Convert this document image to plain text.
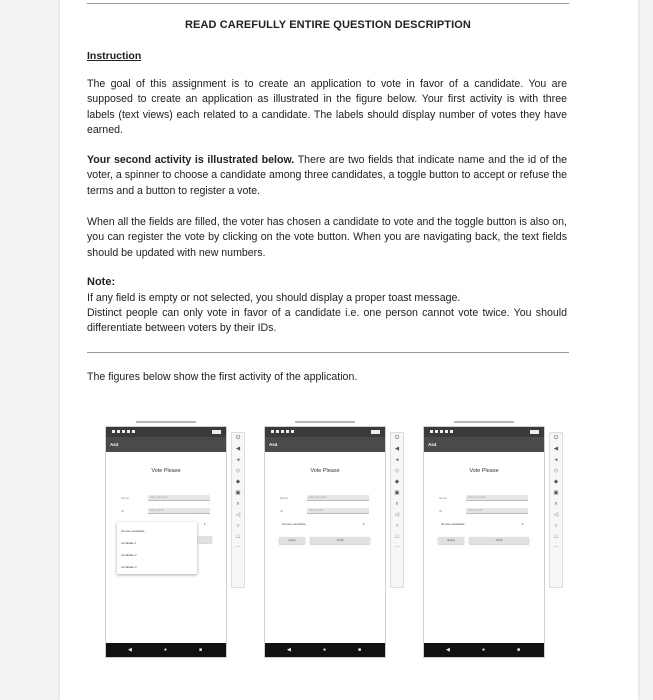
READ CAREFULLY ENTIRE QUESTION DESCRIPTION
Instruction

The goal of this assignment is to create an application to vote in favor of a candidate. You are supposed to create an application as illustrated in the figure below. Your first activity is with three labels (text views) each related to a candidate. The labels should display number of votes they have earned.

Your second activity is illustrated below. There are two fields that indicate name and the id of the voter, a spinner to choose a candidate among three candidates, a toggle button to accept or refuse the terms and a button to register a vote.

When all the fields are filled, the voter has chosen a candidate to vote and the toggle button is also on, you can register the vote by clicking on the vote button. When you are navigating back, the text fields should be updated with new numbers.

Note:

If any field is empty or not selected, you should display a proper toast message.

Distinct people can only vote in favor of a candidate i.e. one person cannot vote twice. You should differentiate between voters by their IDs.

The figures below show the first activity of the application.

As4
Vote Please
Name	write your name
ID	write your ID
▾
choose candidate
candidate 1
candidate 2
candidate 3
◀	●	■
⏻
◀
◂
◇
◆
▣
⌕
◁
○
□
⋯
As4
Vote Please
Name	write your name
ID	write your ID
choose candidate	▾
accept	VOTE
◀	●	■
⏻
◀
◂
◇
◆
▣
⌕
◁
○
□
⋯
As4
Vote Please
Name	write your name
ID	write your ID
choose candidate	▾
decline	VOTE
◀	●	■
⏻
◀
◂
◇
◆
▣
⌕
◁
○
□
⋯
